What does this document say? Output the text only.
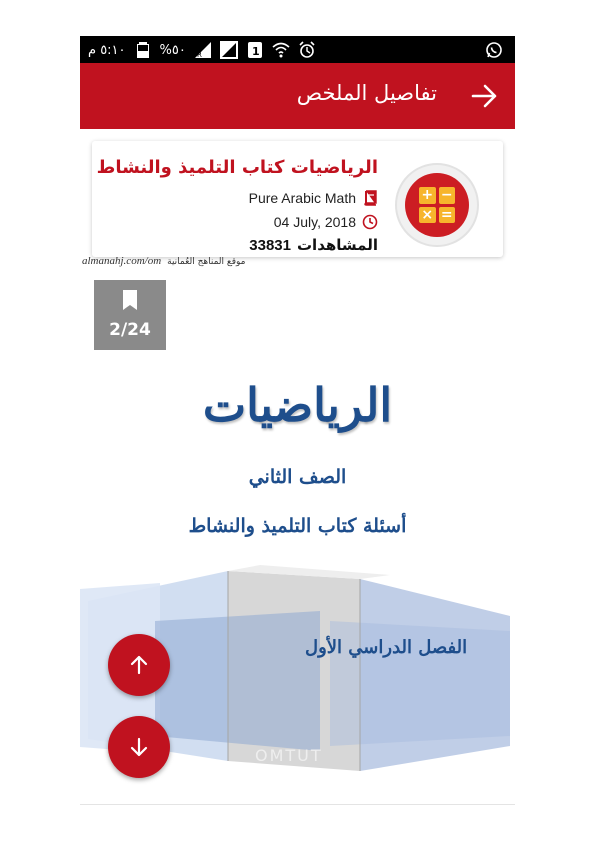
٥:١٠ م	%٥٠ R	1
تفاصيل الملخص
+ −
× =
الرياضيات كتاب التلميذ والنشاط
Pure Arabic Math
04 July, 2018
المشاهدات
33831
almanahj.com/om موقع المناهج العُمانية
2/24
الرياضيات
الصف الثاني
أسئلة كتاب التلميذ والنشاط
الفصل الدراسي الأول
OMTUT
